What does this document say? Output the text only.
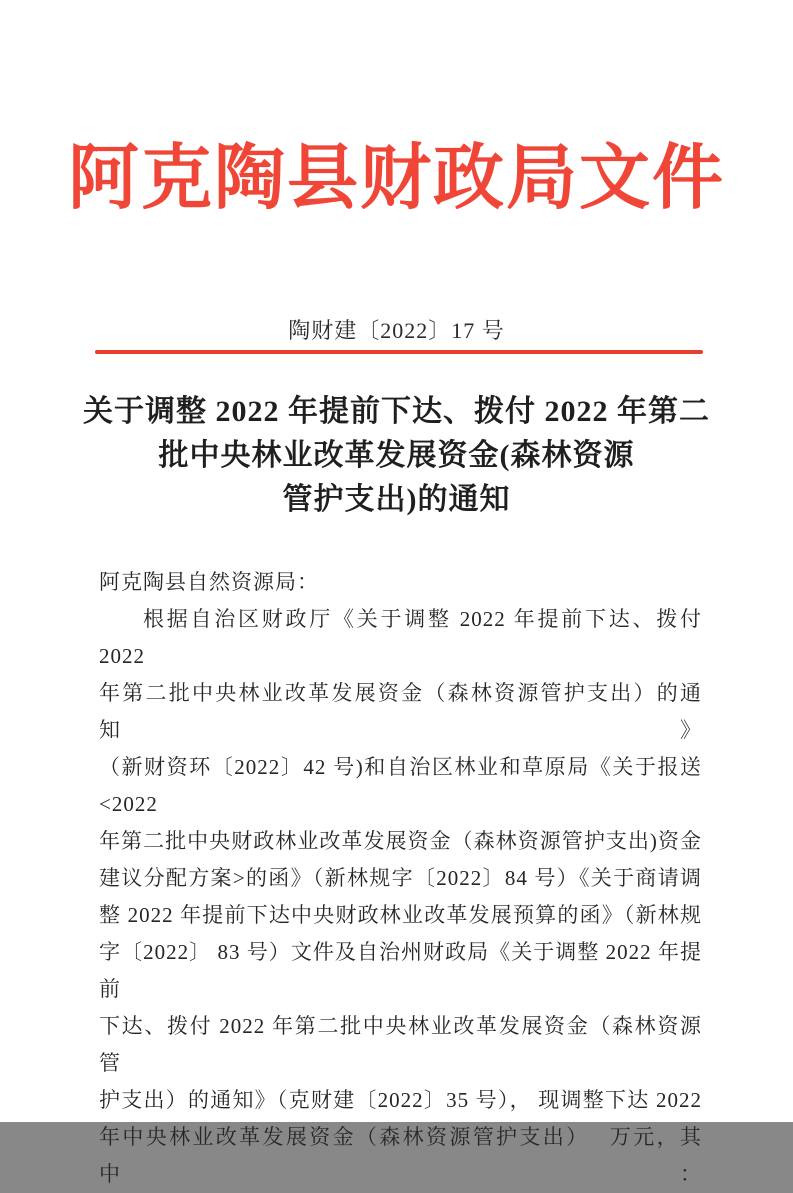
阿克陶县财政局文件
陶财建〔2022〕17 号
关于调整 2022 年提前下达、拨付 2022 年第二
批中央林业改革发展资金(森林资源
管护支出)的通知
阿克陶县自然资源局：
根据自治区财政厅《关于调整 2022 年提前下达、拨付 2022
年第二批中央林业改革发展资金（森林资源管护支出）的通知》
（新财资环〔2022〕42 号)和自治区林业和草原局《关于报送<2022
年第二批中央财政林业改革发展资金（森林资源管护支出)资金
建议分配方案>的函》（新林规字〔2022〕84 号）《关于商请调
整 2022 年提前下达中央财政林业改革发展预算的函》（新林规
字〔2022〕 83 号）文件及自治州财政局《关于调整 2022 年提前
下达、拨付 2022 年第二批中央林业改革发展资金（森林资源管
护支出）的通知》（克财建〔2022〕35 号）， 现调整下达 2022
年中央林业改革发展资金（森林资源管护支出）　 万元，其中：
